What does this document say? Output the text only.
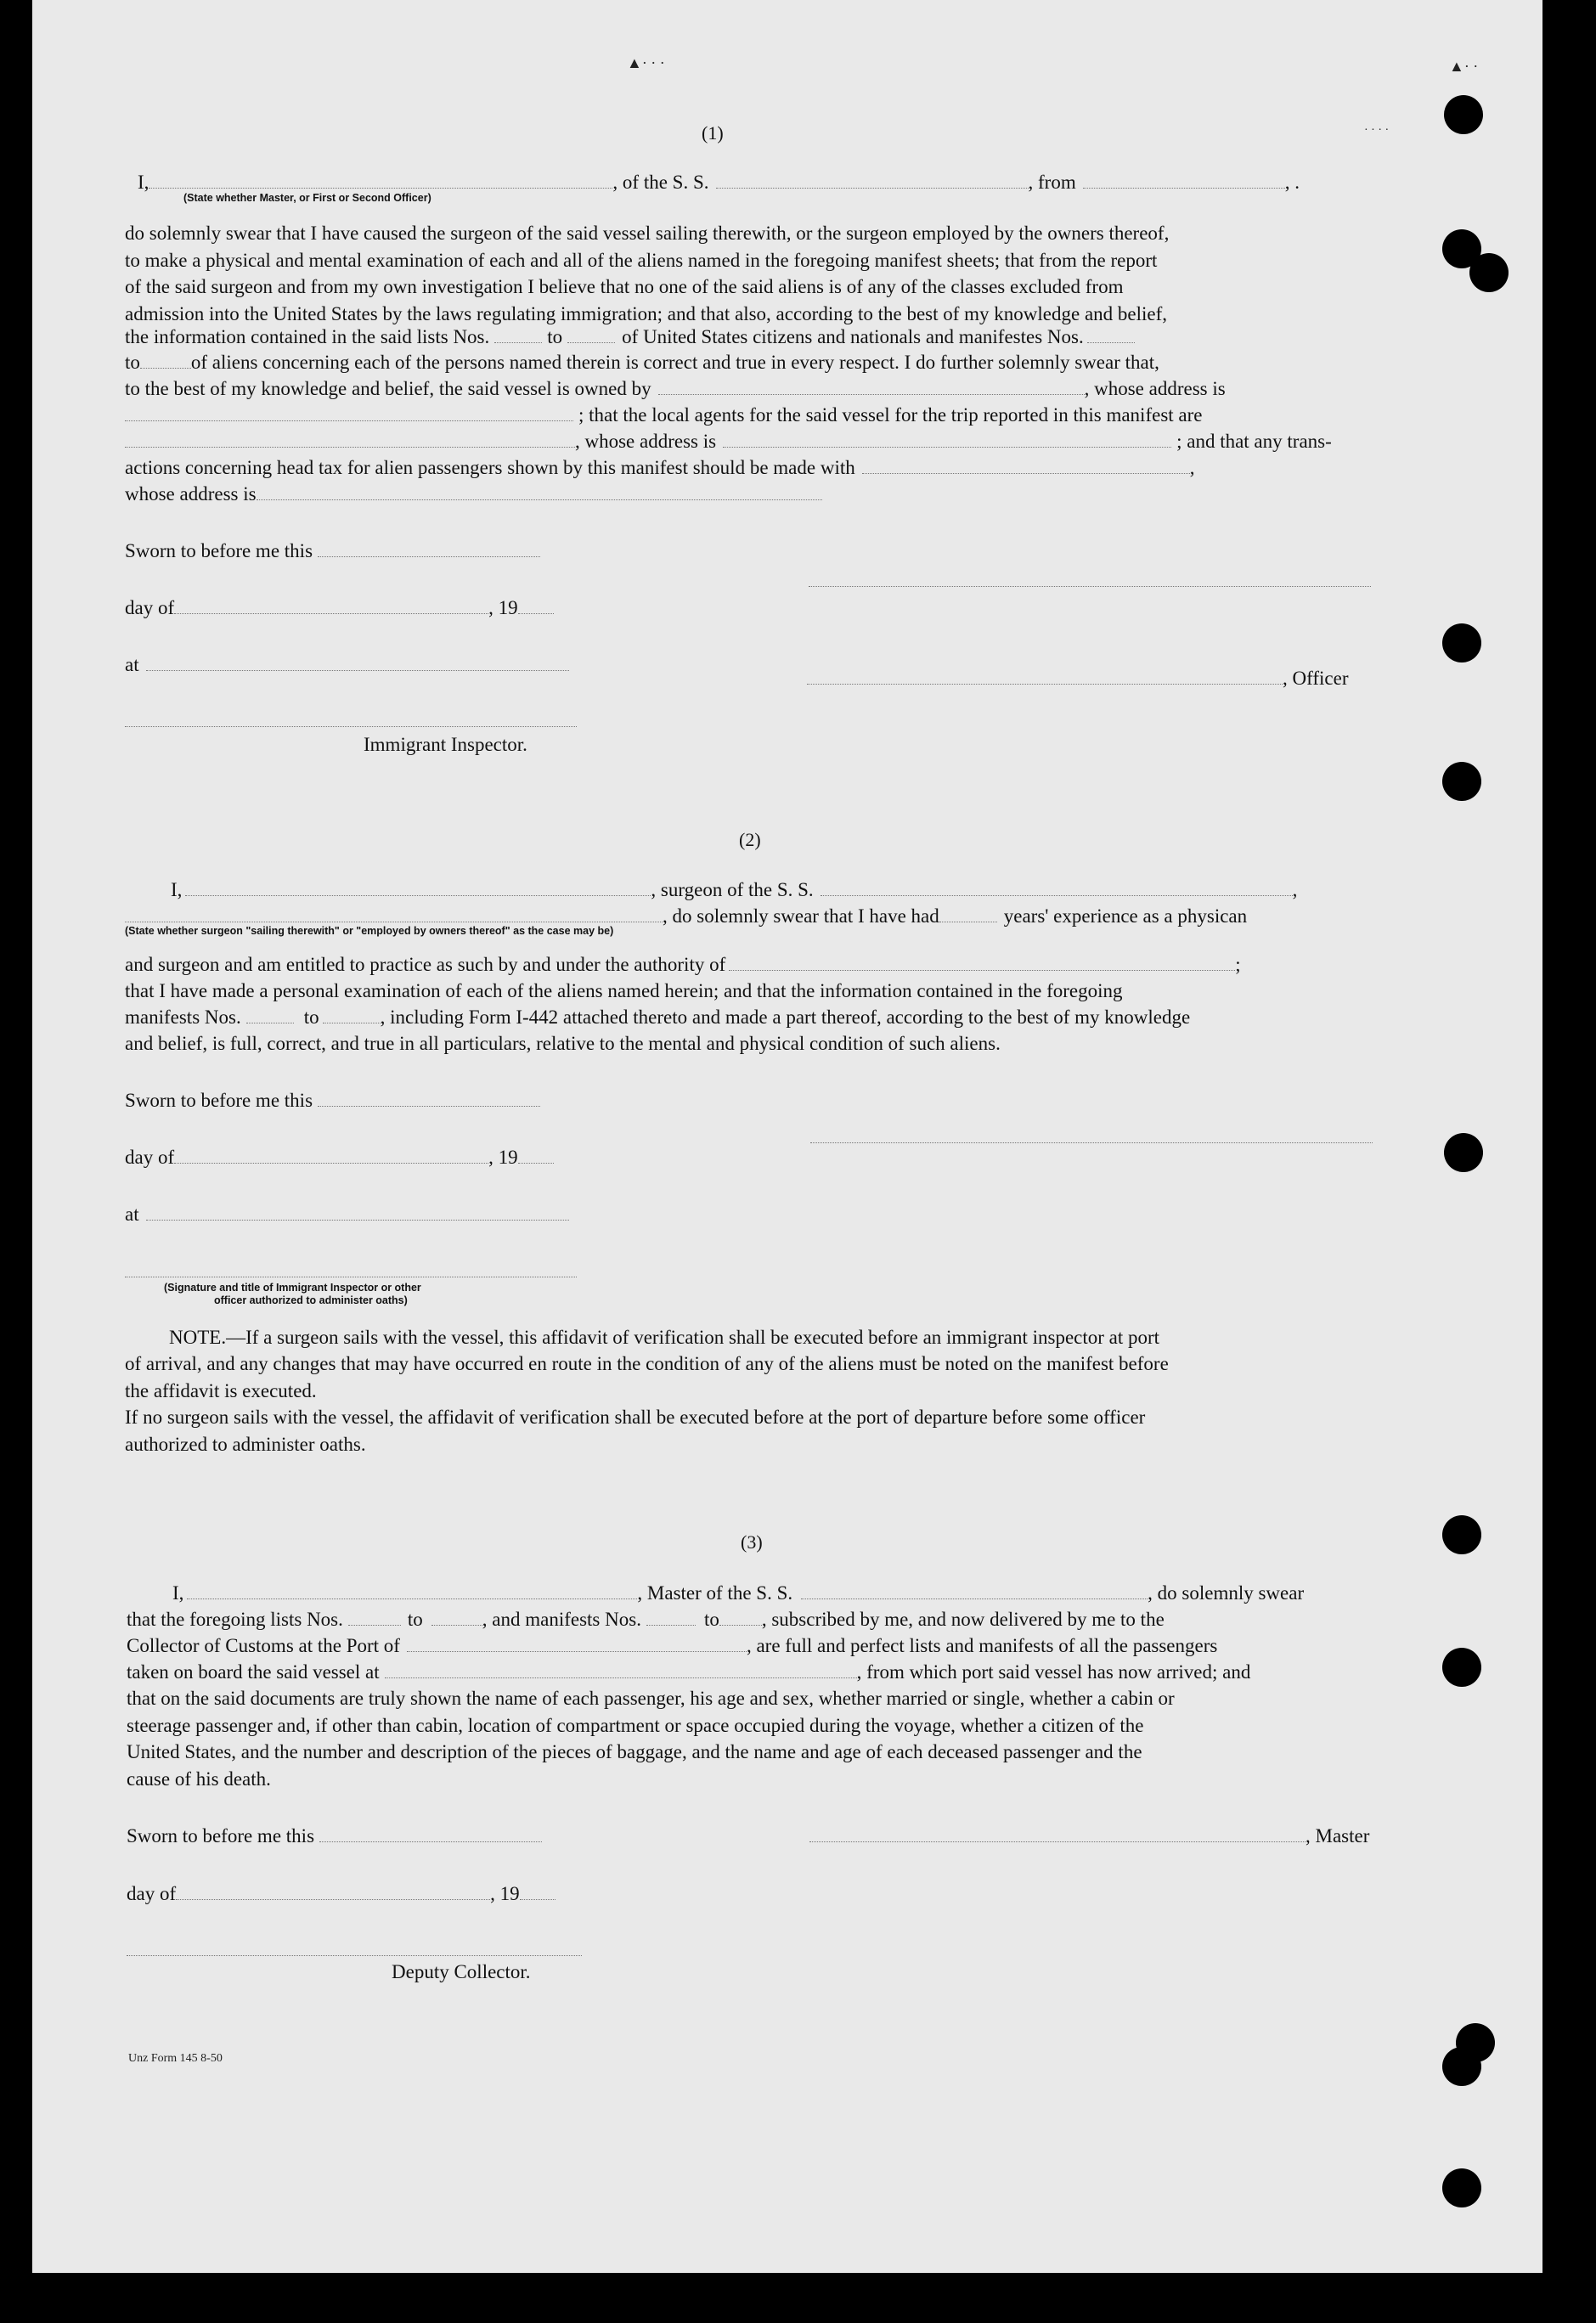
▲· · ·	▲· ·
· · · ·
(1)
I,	, of the S. S.	, from	, .
(State whether Master, or First or Second Officer)
do solemnly swear that I have caused the surgeon of the said vessel sailing therewith, or the surgeon employed by the owners thereof,
to make a physical and mental examination of each and all of the aliens named in the foregoing manifest sheets; that from the report
of the said surgeon and from my own investigation I believe that no one of the said aliens is of any of the classes excluded from
admission into the United States by the laws regulating immigration; and that also, according to the best of my knowledge and belief,
the information contained in the said lists Nos.	to	of United States citizens and nationals and manifestes Nos.
to	of aliens concerning each of the persons named therein is correct and true in every respect. I do further solemnly swear that,
to the best of my knowledge and belief, the said vessel is owned by	, whose address is
; that the local agents for the said vessel for the trip reported in this manifest are
, whose address is	; and that any trans-
actions concerning head tax for alien passengers shown by this manifest should be made with	,
whose address is
Sworn to before me this
day of	, 19
at
, Officer
Immigrant Inspector.
(2)
I,	, surgeon of the S. S.	,
, do solemnly swear that I have had	years' experience as a physican
(State whether surgeon "sailing therewith" or "employed by owners thereof" as the case may be)
and surgeon and am entitled to practice as such by and under the authority of	;
that I have made a personal examination of each of the aliens named herein; and that the information contained in the foregoing
manifests Nos.	to	, including Form I-442 attached thereto and made a part thereof, according to the best of my knowledge
and belief, is full, correct, and true in all particulars, relative to the mental and physical condition of such aliens.
Sworn to before me this
day of	, 19
at
(Signature and title of Immigrant Inspector or other
officer authorized to administer oaths)
NOTE.—If a surgeon sails with the vessel, this affidavit of verification shall be executed before an immigrant inspector at port
of arrival, and any changes that may have occurred en route in the condition of any of the aliens must be noted on the manifest before
the affidavit is executed.
If no surgeon sails with the vessel, the affidavit of verification shall be executed before at the port of departure before some officer
authorized to administer oaths.
(3)
I,	, Master of the S. S.	, do solemnly swear
that the foregoing lists Nos.	to	, and manifests Nos.	to , subscribed by me, and now delivered by me to the
Collector of Customs at the Port of	, are full and perfect lists and manifests of all the passengers
taken on board the said vessel at	, from which port said vessel has now arrived; and
that on the said documents are truly shown the name of each passenger, his age and sex, whether married or single, whether a cabin or
steerage passenger and, if other than cabin, location of compartment or space occupied during the voyage, whether a citizen of the
United States, and the number and description of the pieces of baggage, and the name and age of each deceased passenger and the
cause of his death.
Sworn to before me this	, Master
day of	, 19
Deputy Collector.
Unz Form 145 8-50
